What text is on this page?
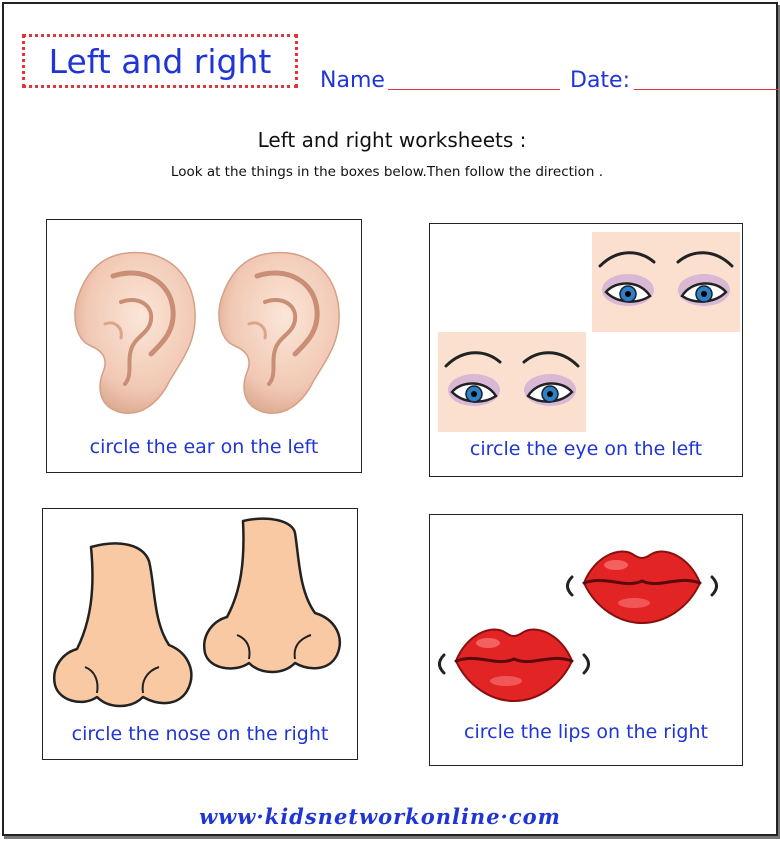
Left and right Name	Date:
Left and right worksheets :
Look at the things in the boxes below.Then follow the direction .
circle the ear on the left	circle the eye on the left
circle the nose on the right	circle the lips on the right
www·kidsnetworkonline·com
